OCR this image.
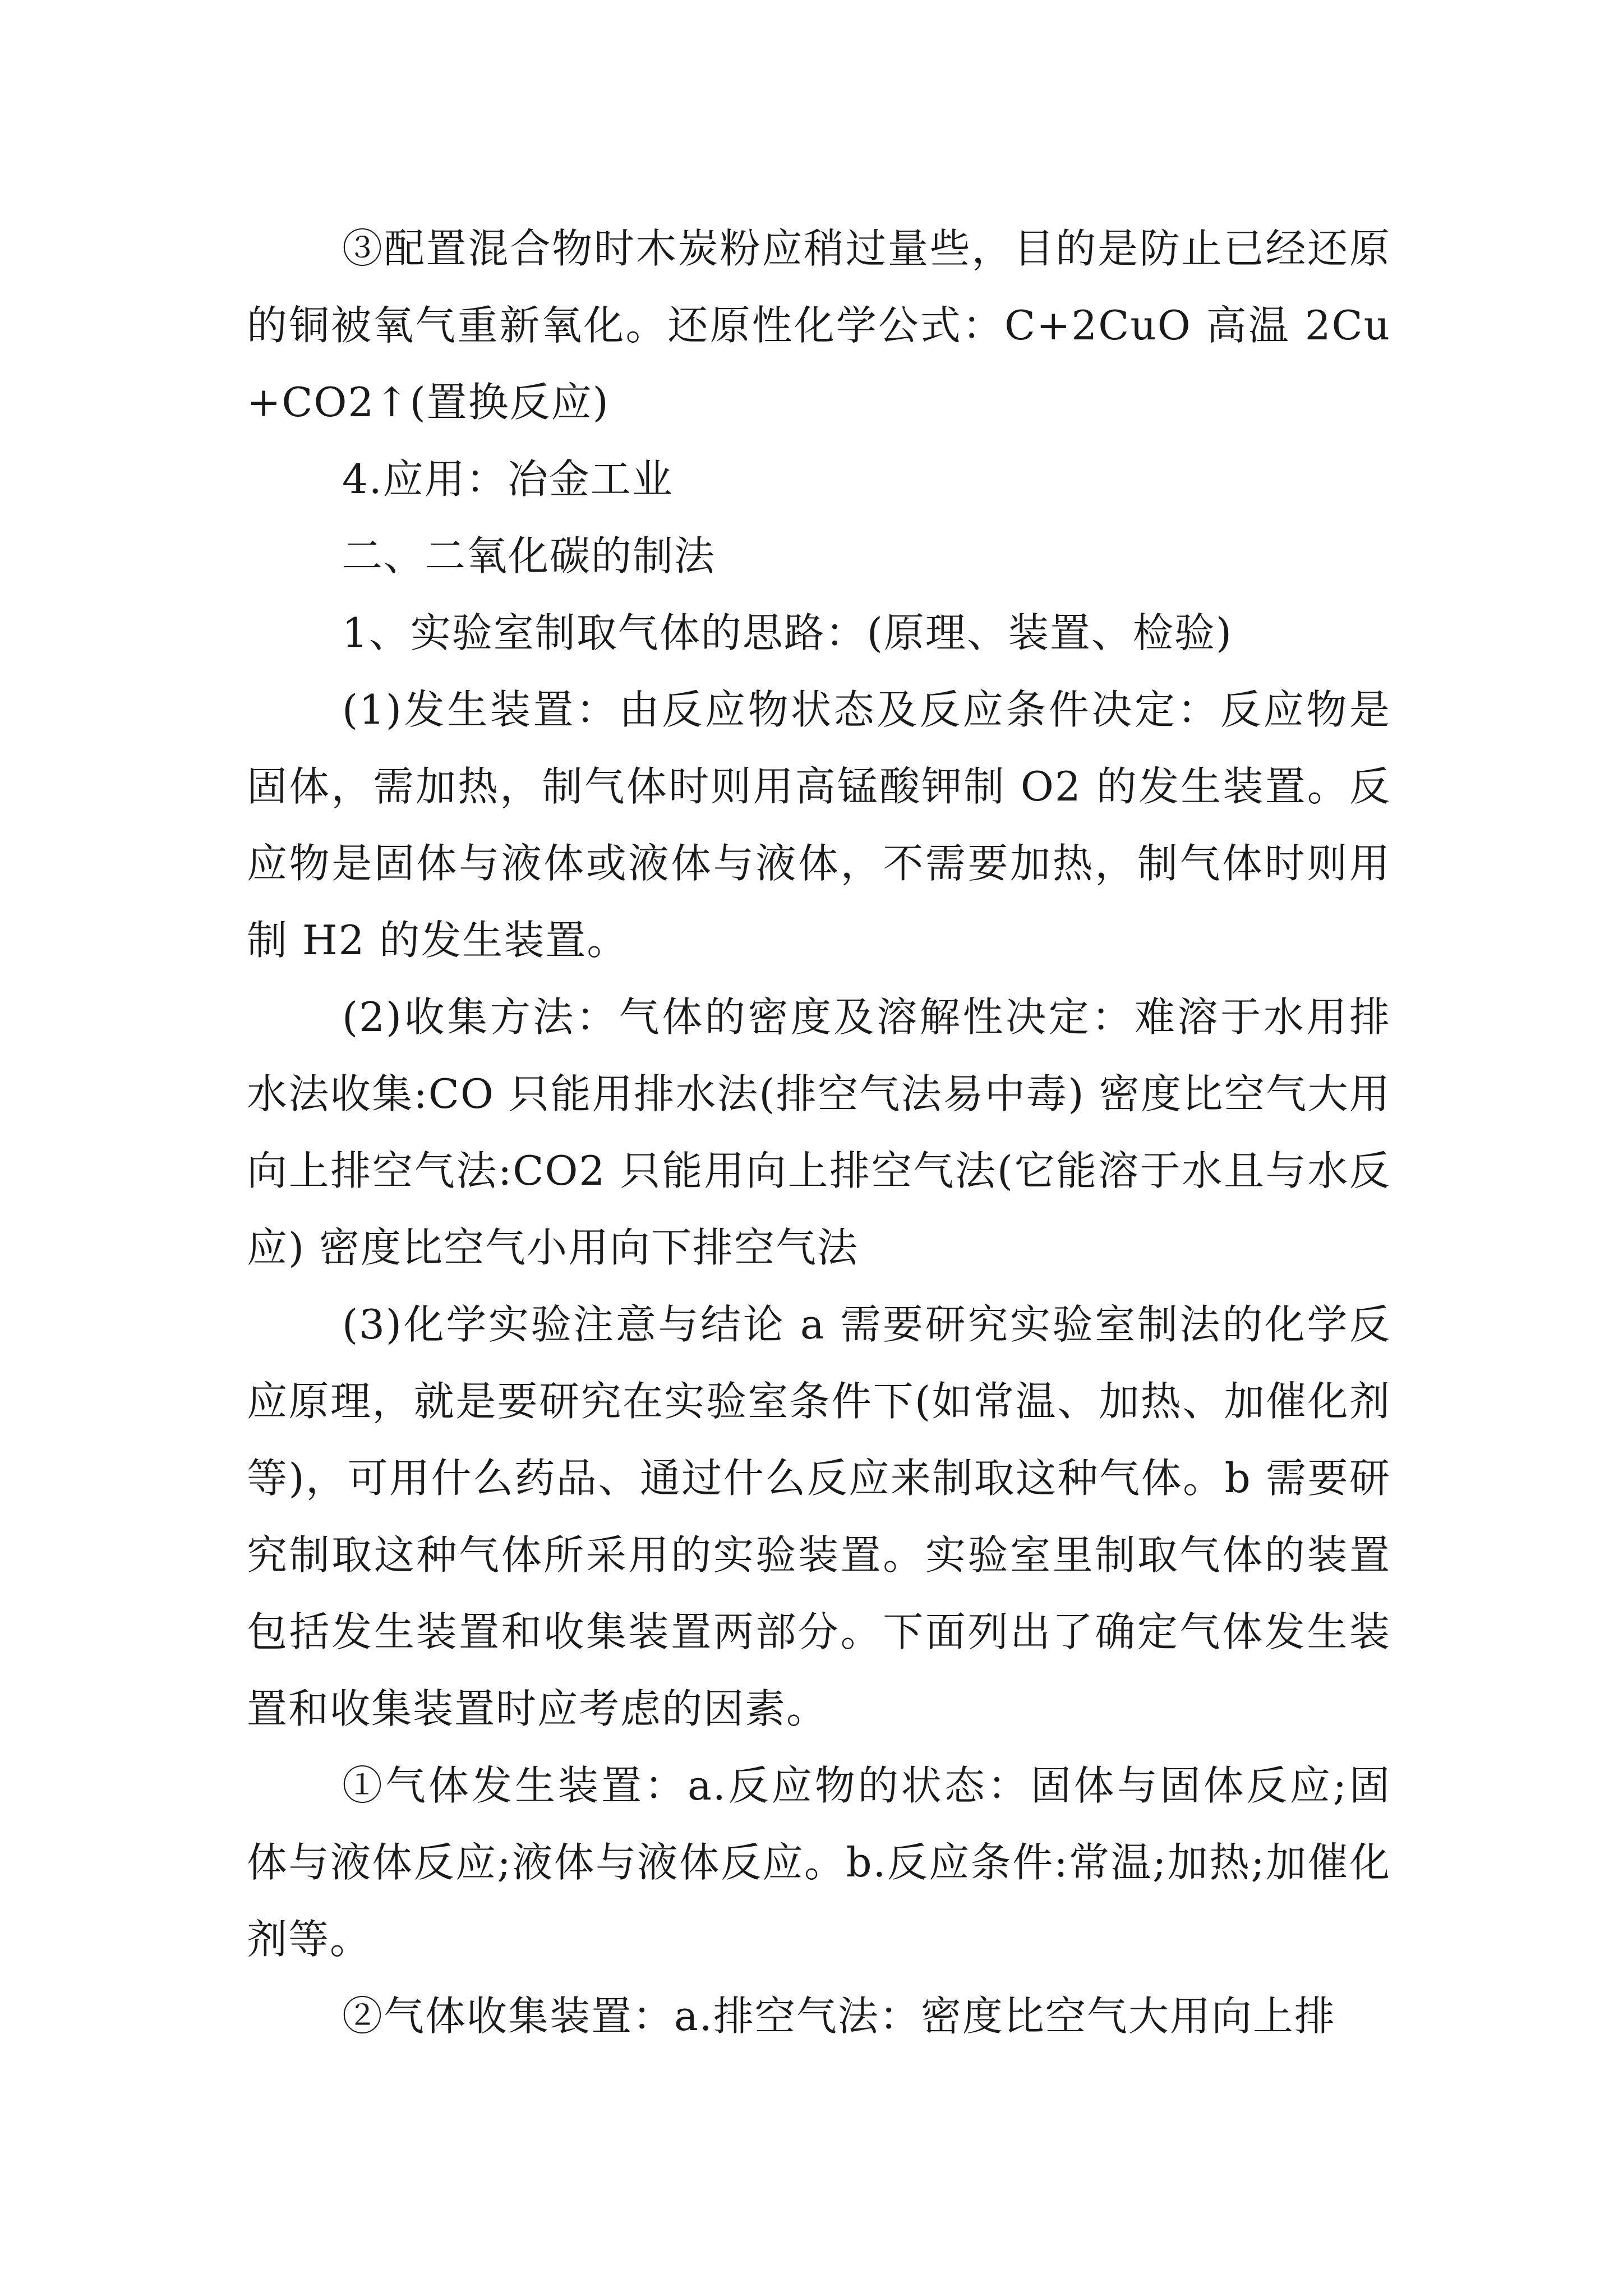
③配置混合物时木炭粉应稍过量些，目的是防止已经还原的铜被氧气重新氧化。还原性化学公式：C+2CuO 高温 2Cu+CO2↑(置换反应)

4.应用：冶金工业

二、二氧化碳的制法

1、实验室制取气体的思路：(原理、装置、检验)

(1)发生装置：由反应物状态及反应条件决定：反应物是固体，需加热，制气体时则用高锰酸钾制 O2 的发生装置。反应物是固体与液体或液体与液体，不需要加热，制气体时则用制 H2 的发生装置。

(2)收集方法：气体的密度及溶解性决定：难溶于水用排水法收集:CO 只能用排水法(排空气法易中毒) 密度比空气大用向上排空气法:CO2 只能用向上排空气法(它能溶于水且与水反应) 密度比空气小用向下排空气法

(3)化学实验注意与结论 a 需要研究实验室制法的化学反应原理，就是要研究在实验室条件下(如常温、加热、加催化剂等)，可用什么药品、通过什么反应来制取这种气体。b 需要研究制取这种气体所采用的实验装置。实验室里制取气体的装置包括发生装置和收集装置两部分。下面列出了确定气体发生装置和收集装置时应考虑的因素。

①气体发生装置：a.反应物的状态：固体与固体反应;固体与液体反应;液体与液体反应。b.反应条件:常温;加热;加催化剂等。

②气体收集装置：a.排空气法：密度比空气大用向上排
